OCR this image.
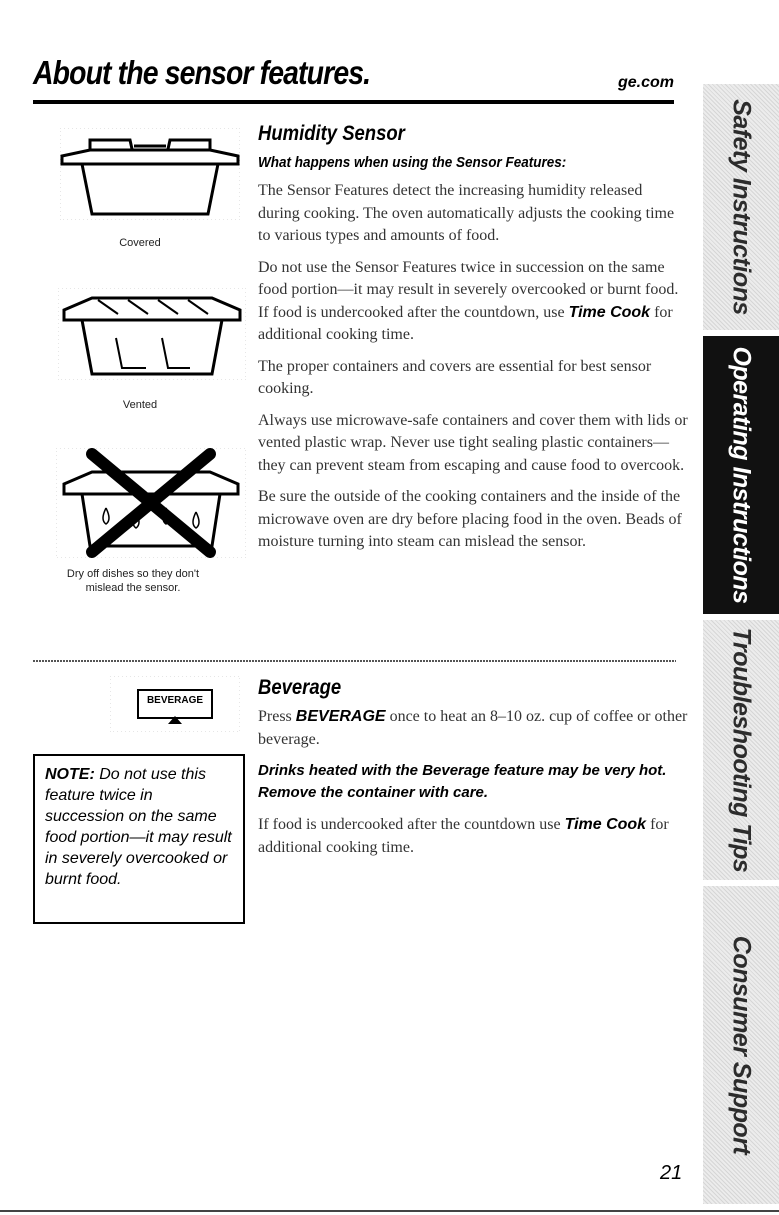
About the sensor features.	ge.com
Covered
Vented
Dry off dishes so they don't mislead the sensor.
Humidity Sensor
What happens when using the Sensor Features:

The Sensor Features detect the increasing humidity released during cooking. The oven automatically adjusts the cooking time to various types and amounts of food.

Do not use the Sensor Features twice in succession on the same food portion—it may result in severely overcooked or burnt food. If food is undercooked after the countdown, use Time Cook for additional cooking time.

The proper containers and covers are essential for best sensor cooking.

Always use microwave-safe containers and cover them with lids or vented plastic wrap. Never use tight sealing plastic containers—they can prevent steam from escaping and cause food to overcook.

Be sure the outside of the cooking containers and the inside of the microwave oven are dry before placing food in the oven. Beads of moisture turning into steam can mislead the sensor.

BEVERAGE
NOTE: Do not use this feature twice in succession on the same food portion—it may result in severely overcooked or burnt food.
Beverage

Press BEVERAGE once to heat an 8–10 oz. cup of coffee or other beverage.

Drinks heated with the Beverage feature may be very hot. Remove the container with care.

If food is undercooked after the countdown use Time Cook for additional cooking time.

Safety Instructions
Operating Instructions
Troubleshooting Tips
Consumer Support
21
